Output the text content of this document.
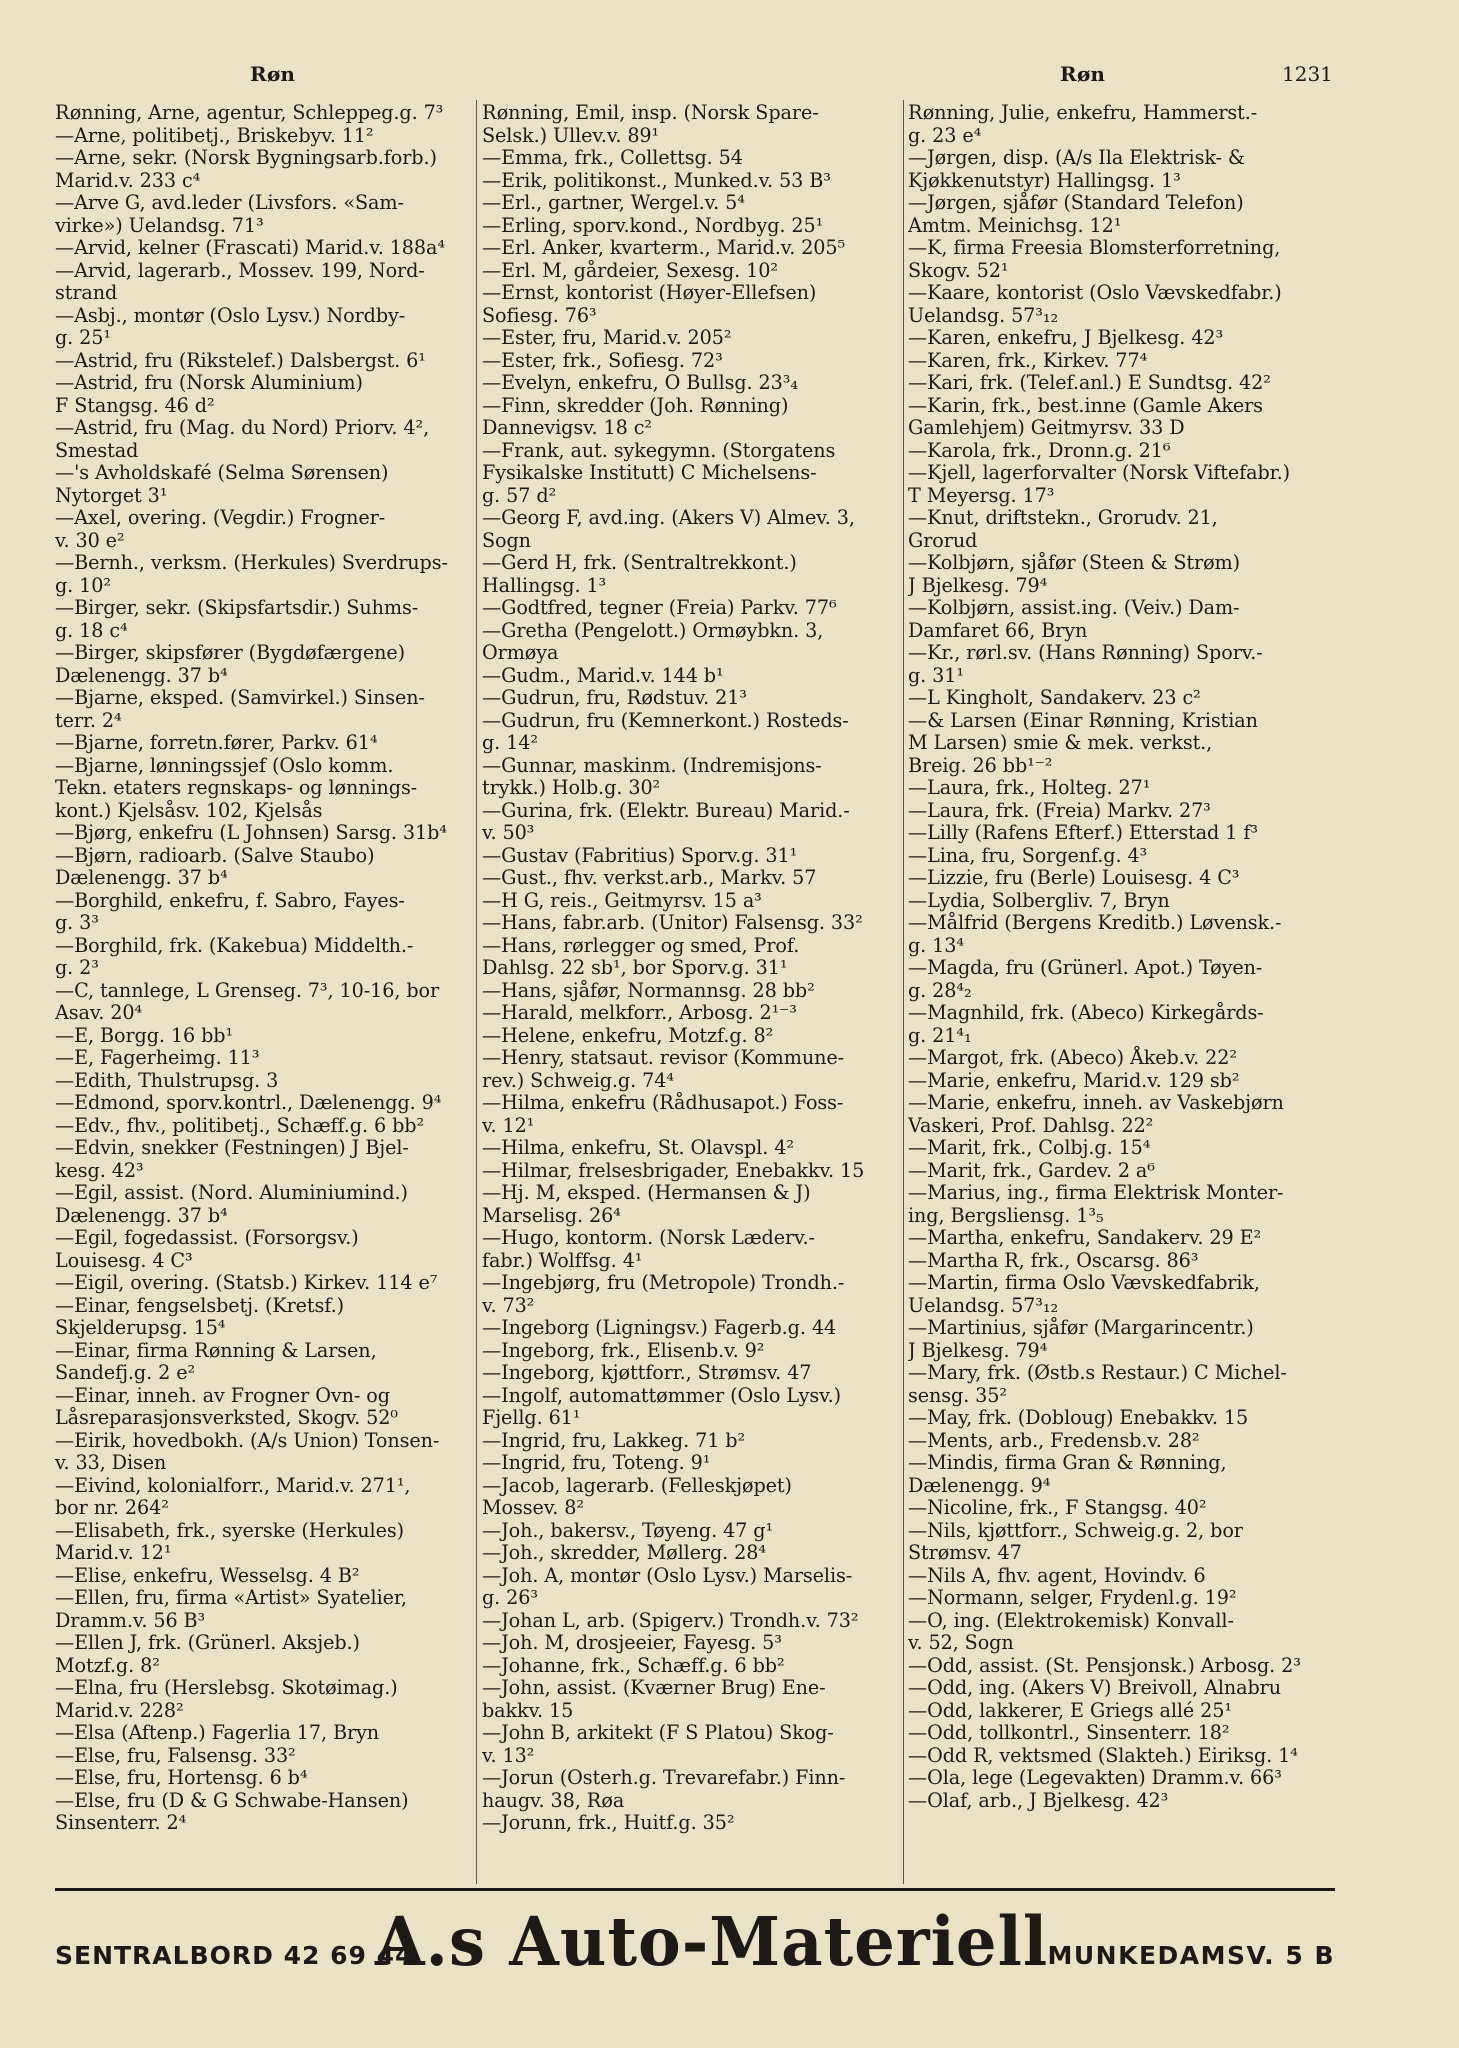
Røn	Røn	1231
Rønning, Arne, agentur, Schleppeg.g. 7³
—Arne, politibetj., Briskebyv. 11²
—Arne, sekr. (Norsk Bygningsarb.forb.)
Marid.v. 233 c⁴
—Arve G, avd.leder (Livsfors. «Sam-
virke») Uelandsg. 71³
—Arvid, kelner (Frascati) Marid.v. 188a⁴
—Arvid, lagerarb., Mossev. 199, Nord-
strand
—Asbj., montør (Oslo Lysv.) Nordby-
g. 25¹
—Astrid, fru (Rikstelef.) Dalsbergst. 6¹
—Astrid, fru (Norsk Aluminium)
F Stangsg. 46 d²
—Astrid, fru (Mag. du Nord) Priorv. 4²,
Smestad
—'s Avholdskafé (Selma Sørensen)
Nytorget 3¹
—Axel, overing. (Vegdir.) Frogner-
v. 30 e²
—Bernh., verksm. (Herkules) Sverdrups-
g. 10²
—Birger, sekr. (Skipsfartsdir.) Suhms-
g. 18 c⁴
—Birger, skipsfører (Bygdøfærgene)
Dælenengg. 37 b⁴
—Bjarne, eksped. (Samvirkel.) Sinsen-
terr. 2⁴
—Bjarne, forretn.fører, Parkv. 61⁴
—Bjarne, lønningssjef (Oslo komm.
Tekn. etaters regnskaps- og lønnings-
kont.) Kjelsåsv. 102, Kjelsås
—Bjørg, enkefru (L Johnsen) Sarsg. 31b⁴
—Bjørn, radioarb. (Salve Staubo)
Dælenengg. 37 b⁴
—Borghild, enkefru, f. Sabro, Fayes-
g. 3³
—Borghild, frk. (Kakebua) Middelth.-
g. 2³
—C, tannlege, L Grenseg. 7³, 10-16, bor
Asav. 20⁴
—E, Borgg. 16 bb¹
—E, Fagerheimg. 11³
—Edith, Thulstrupsg. 3
—Edmond, sporv.kontrl., Dælenengg. 9⁴
—Edv., fhv., politibetj., Schæff.g. 6 bb²
—Edvin, snekker (Festningen) J Bjel-
kesg. 42³
—Egil, assist. (Nord. Aluminiumind.)
Dælenengg. 37 b⁴
—Egil, fogedassist. (Forsorgsv.)
Louisesg. 4 C³
—Eigil, overing. (Statsb.) Kirkev. 114 e⁷
—Einar, fengselsbetj. (Kretsf.)
Skjelderupsg. 15⁴
—Einar, firma Rønning & Larsen,
Sandefj.g. 2 e²
—Einar, inneh. av Frogner Ovn- og
Låsreparasjonsverksted, Skogv. 52⁰
—Eirik, hovedbokh. (A/s Union) Tonsen-
v. 33, Disen
—Eivind, kolonialforr., Marid.v. 271¹,
bor nr. 264²
—Elisabeth, frk., syerske (Herkules)
Marid.v. 12¹
—Elise, enkefru, Wesselsg. 4 B²
—Ellen, fru, firma «Artist» Syatelier,
Dramm.v. 56 B³
—Ellen J, frk. (Grünerl. Aksjeb.)
Motzf.g. 8²
—Elna, fru (Herslebsg. Skotøimag.)
Marid.v. 228²
—Elsa (Aftenp.) Fagerlia 17, Bryn
—Else, fru, Falsensg. 33²
—Else, fru, Hortensg. 6 b⁴
—Else, fru (D & G Schwabe-Hansen)
Sinsenterr. 2⁴
Rønning, Emil, insp. (Norsk Spare-
Selsk.) Ullev.v. 89¹
—Emma, frk., Collettsg. 54
—Erik, politikonst., Munked.v. 53 B³
—Erl., gartner, Wergel.v. 5⁴
—Erling, sporv.kond., Nordbyg. 25¹
—Erl. Anker, kvarterm., Marid.v. 205⁵
—Erl. M, gårdeier, Sexesg. 10²
—Ernst, kontorist (Høyer-Ellefsen)
Sofiesg. 76³
—Ester, fru, Marid.v. 205²
—Ester, frk., Sofiesg. 72³
—Evelyn, enkefru, O Bullsg. 23³₄
—Finn, skredder (Joh. Rønning)
Dannevigsv. 18 c²
—Frank, aut. sykegymn. (Storgatens
Fysikalske Institutt) C Michelsens-
g. 57 d²
—Georg F, avd.ing. (Akers V) Almev. 3,
Sogn
—Gerd H, frk. (Sentraltrekkont.)
Hallingsg. 1³
—Godtfred, tegner (Freia) Parkv. 77⁶
—Gretha (Pengelott.) Ormøybkn. 3,
Ormøya
—Gudm., Marid.v. 144 b¹
—Gudrun, fru, Rødstuv. 21³
—Gudrun, fru (Kemnerkont.) Rosteds-
g. 14²
—Gunnar, maskinm. (Indremisjons-
trykk.) Holb.g. 30²
—Gurina, frk. (Elektr. Bureau) Marid.-
v. 50³
—Gustav (Fabritius) Sporv.g. 31¹
—Gust., fhv. verkst.arb., Markv. 57
—H G, reis., Geitmyrsv. 15 a³
—Hans, fabr.arb. (Unitor) Falsensg. 33²
—Hans, rørlegger og smed, Prof.
Dahlsg. 22 sb¹, bor Sporv.g. 31¹
—Hans, sjåfør, Normannsg. 28 bb²
—Harald, melkforr., Arbosg. 2¹⁻³
—Helene, enkefru, Motzf.g. 8²
—Henry, statsaut. revisor (Kommune-
rev.) Schweig.g. 74⁴
—Hilma, enkefru (Rådhusapot.) Foss-
v. 12¹
—Hilma, enkefru, St. Olavspl. 4²
—Hilmar, frelsesbrigader, Enebakkv. 15
—Hj. M, eksped. (Hermansen & J)
Marselisg. 26⁴
—Hugo, kontorm. (Norsk Læderv.-
fabr.) Wolffsg. 4¹
—Ingebjørg, fru (Metropole) Trondh.-
v. 73²
—Ingeborg (Ligningsv.) Fagerb.g. 44
—Ingeborg, frk., Elisenb.v. 9²
—Ingeborg, kjøttforr., Strømsv. 47
—Ingolf, automattømmer (Oslo Lysv.)
Fjellg. 61¹
—Ingrid, fru, Lakkeg. 71 b²
—Ingrid, fru, Toteng. 9¹
—Jacob, lagerarb. (Felleskjøpet)
Mossev. 8²
—Joh., bakersv., Tøyeng. 47 g¹
—Joh., skredder, Møllerg. 28⁴
—Joh. A, montør (Oslo Lysv.) Marselis-
g. 26³
—Johan L, arb. (Spigerv.) Trondh.v. 73²
—Joh. M, drosjeeier, Fayesg. 5³
—Johanne, frk., Schæff.g. 6 bb²
—John, assist. (Kværner Brug) Ene-
bakkv. 15
—John B, arkitekt (F S Platou) Skog-
v. 13²
—Jorun (Osterh.g. Trevarefabr.) Finn-
haugv. 38, Røa
—Jorunn, frk., Huitf.g. 35²
Rønning, Julie, enkefru, Hammerst.-
g. 23 e⁴
—Jørgen, disp. (A/s Ila Elektrisk- &
Kjøkkenutstyr) Hallingsg. 1³
—Jørgen, sjåfør (Standard Telefon)
Amtm. Meinichsg. 12¹
—K, firma Freesia Blomsterforretning,
Skogv. 52¹
—Kaare, kontorist (Oslo Vævskedfabr.)
Uelandsg. 57³₁₂
—Karen, enkefru, J Bjelkesg. 42³
—Karen, frk., Kirkev. 77⁴
—Kari, frk. (Telef.anl.) E Sundtsg. 42²
—Karin, frk., best.inne (Gamle Akers
Gamlehjem) Geitmyrsv. 33 D
—Karola, frk., Dronn.g. 21⁶
—Kjell, lagerforvalter (Norsk Viftefabr.)
T Meyersg. 17³
—Knut, driftstekn., Grorudv. 21,
Grorud
—Kolbjørn, sjåfør (Steen & Strøm)
J Bjelkesg. 79⁴
—Kolbjørn, assist.ing. (Veiv.) Dam-
Damfaret 66, Bryn
—Kr., rørl.sv. (Hans Rønning) Sporv.-
g. 31¹
—L Kingholt, Sandakerv. 23 c²
—& Larsen (Einar Rønning, Kristian
M Larsen) smie & mek. verkst.,
Breig. 26 bb¹⁻²
—Laura, frk., Holteg. 27¹
—Laura, frk. (Freia) Markv. 27³
—Lilly (Rafens Efterf.) Etterstad 1 f³
—Lina, fru, Sorgenf.g. 4³
—Lizzie, fru (Berle) Louisesg. 4 C³
—Lydia, Solbergliv. 7, Bryn
—Målfrid (Bergens Kreditb.) Løvensk.-
g. 13⁴
—Magda, fru (Grünerl. Apot.) Tøyen-
g. 28⁴₂
—Magnhild, frk. (Abeco) Kirkegårds-
g. 21⁴₁
—Margot, frk. (Abeco) Åkeb.v. 22²
—Marie, enkefru, Marid.v. 129 sb²
—Marie, enkefru, inneh. av Vaskebjørn
Vaskeri, Prof. Dahlsg. 22²
—Marit, frk., Colbj.g. 15⁴
—Marit, frk., Gardev. 2 a⁶
—Marius, ing., firma Elektrisk Monter-
ing, Bergsliensg. 1³₅
—Martha, enkefru, Sandakerv. 29 E²
—Martha R, frk., Oscarsg. 86³
—Martin, firma Oslo Vævskedfabrik,
Uelandsg. 57³₁₂
—Martinius, sjåfør (Margarincentr.)
J Bjelkesg. 79⁴
—Mary, frk. (Østb.s Restaur.) C Michel-
sensg. 35²
—May, frk. (Dobloug) Enebakkv. 15
—Ments, arb., Fredensb.v. 28²
—Mindis, firma Gran & Rønning,
Dælenengg. 9⁴
—Nicoline, frk., F Stangsg. 40²
—Nils, kjøttforr., Schweig.g. 2, bor
Strømsv. 47
—Nils A, fhv. agent, Hovindv. 6
—Normann, selger, Frydenl.g. 19²
—O, ing. (Elektrokemisk) Konvall-
v. 52, Sogn
—Odd, assist. (St. Pensjonsk.) Arbosg. 2³
—Odd, ing. (Akers V) Breivoll, Alnabru
—Odd, lakkerer, E Griegs allé 25¹
—Odd, tollkontrl., Sinsenterr. 18²
—Odd R, vektsmed (Slakteh.) Eiriksg. 1⁴
—Ola, lege (Legevakten) Dramm.v. 66³
—Olaf, arb., J Bjelkesg. 42³
SENTRALBORD 42 69 44
A.s Auto-Materiell MUNKEDAMSV. 5 B
